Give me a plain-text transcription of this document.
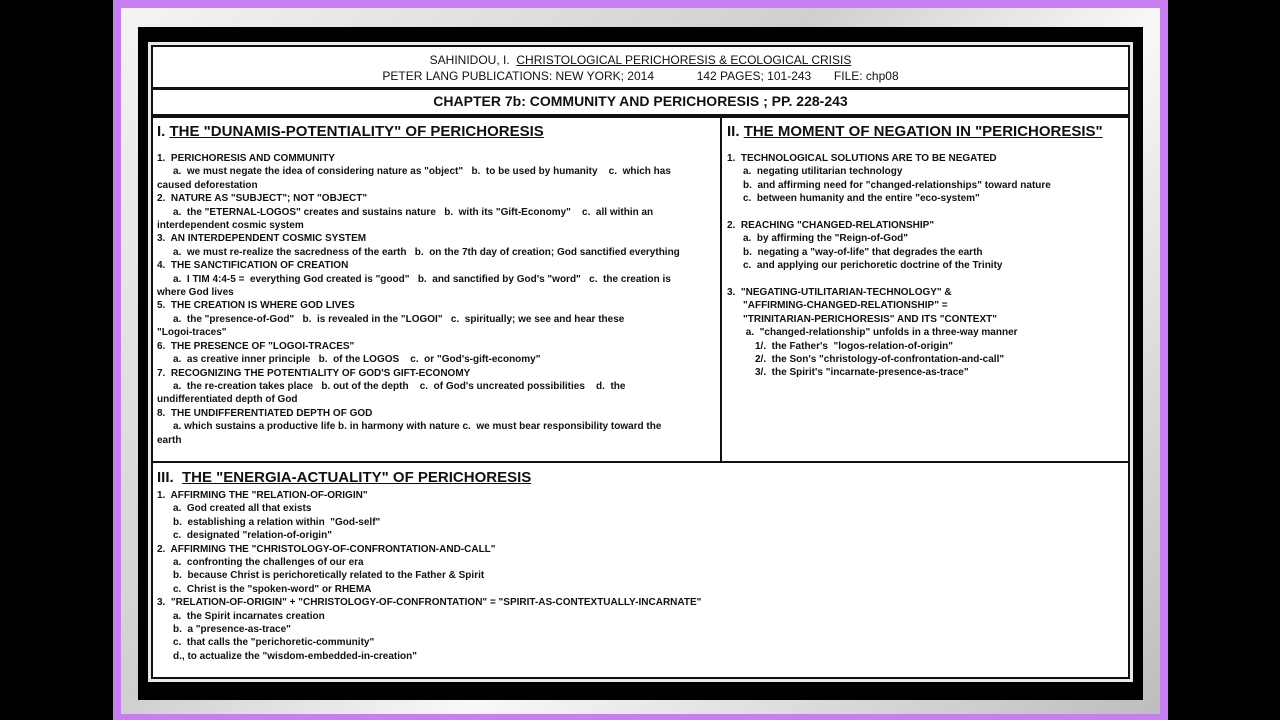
SAHINIDOU, I. CHRISTOLOGICAL PERICHORESIS & ECOLOGICAL CRISIS
PETER LANG PUBLICATIONS: NEW YORK; 2014	142 PAGES; 101-243 FILE: chp08
CHAPTER 7b: COMMUNITY AND PERICHORESIS ; PP. 228-243
I. THE "DUNAMIS-POTENTIALITY" OF PERICHORESIS
1.  PERICHORESIS AND COMMUNITY
a.  we must negate the idea of considering nature as "object"   b.  to be used by humanity    c.  which has
caused deforestation
2.  NATURE AS "SUBJECT"; NOT "OBJECT"
a.  the "ETERNAL-LOGOS" creates and sustains nature   b.  with its "Gift-Economy"    c.  all within an
interdependent cosmic system
3.  AN INTERDEPENDENT COSMIC SYSTEM
a.  we must re-realize the sacredness of the earth   b.  on the 7th day of creation; God sanctified everything
4.  THE SANCTIFICATION OF CREATION
a.  I TIM 4:4-5 =  everything God created is "good"   b.  and sanctified by God's "word"   c.  the creation is
where God lives
5.  THE CREATION IS WHERE GOD LIVES
a.  the "presence-of-God"   b.  is revealed in the "LOGOI"   c.  spiritually; we see and hear these
"Logoi-traces"
6.  THE PRESENCE OF "LOGOI-TRACES"
a.  as creative inner principle   b.  of the LOGOS    c.  or "God's-gift-economy"
7.  RECOGNIZING THE POTENTIALITY OF GOD'S GIFT-ECONOMY
a.  the re-creation takes place   b. out of the depth    c.  of God's uncreated possibilities    d.  the
undifferentiated depth of God
8.  THE UNDIFFERENTIATED DEPTH OF GOD
a. which sustains a productive life b. in harmony with nature c.  we must bear responsibility toward the
earth
II. THE MOMENT OF NEGATION IN "PERICHORESIS"
1.  TECHNOLOGICAL SOLUTIONS ARE TO BE NEGATED
a.  negating utilitarian technology
b.  and affirming need for "changed-relationships" toward nature
c.  between humanity and the entire "eco-system"
2.  REACHING "CHANGED-RELATIONSHIP"
a.  by affirming the "Reign-of-God"
b.  negating a "way-of-life" that degrades the earth
c.  and applying our perichoretic doctrine of the Trinity
3.  "NEGATING-UTILITARIAN-TECHNOLOGY" &
"AFFIRMING-CHANGED-RELATIONSHIP" =
"TRINITARIAN-PERICHORESIS" AND ITS "CONTEXT"
a.  "changed-relationship" unfolds in a three-way manner
1/.  the Father's  "logos-relation-of-origin"
2/.  the Son's "christology-of-confrontation-and-call"
3/.  the Spirit's "incarnate-presence-as-trace"
III. THE "ENERGIA-ACTUALITY" OF PERICHORESIS
1.  AFFIRMING THE "RELATION-OF-ORIGIN"
a.  God created all that exists
b.  establishing a relation within  "God-self"
c.  designated "relation-of-origin"
2.  AFFIRMING THE "CHRISTOLOGY-OF-CONFRONTATION-AND-CALL"
a.  confronting the challenges of our era
b.  because Christ is perichoretically related to the Father & Spirit
c.  Christ is the "spoken-word" or RHEMA
3.  "RELATION-OF-ORIGIN" + "CHRISTOLOGY-OF-CONFRONTATION" = "SPIRIT-AS-CONTEXTUALLY-INCARNATE"
a.  the Spirit incarnates creation
b.  a "presence-as-trace"
c.  that calls the "perichoretic-community"
d., to actualize the "wisdom-embedded-in-creation"
